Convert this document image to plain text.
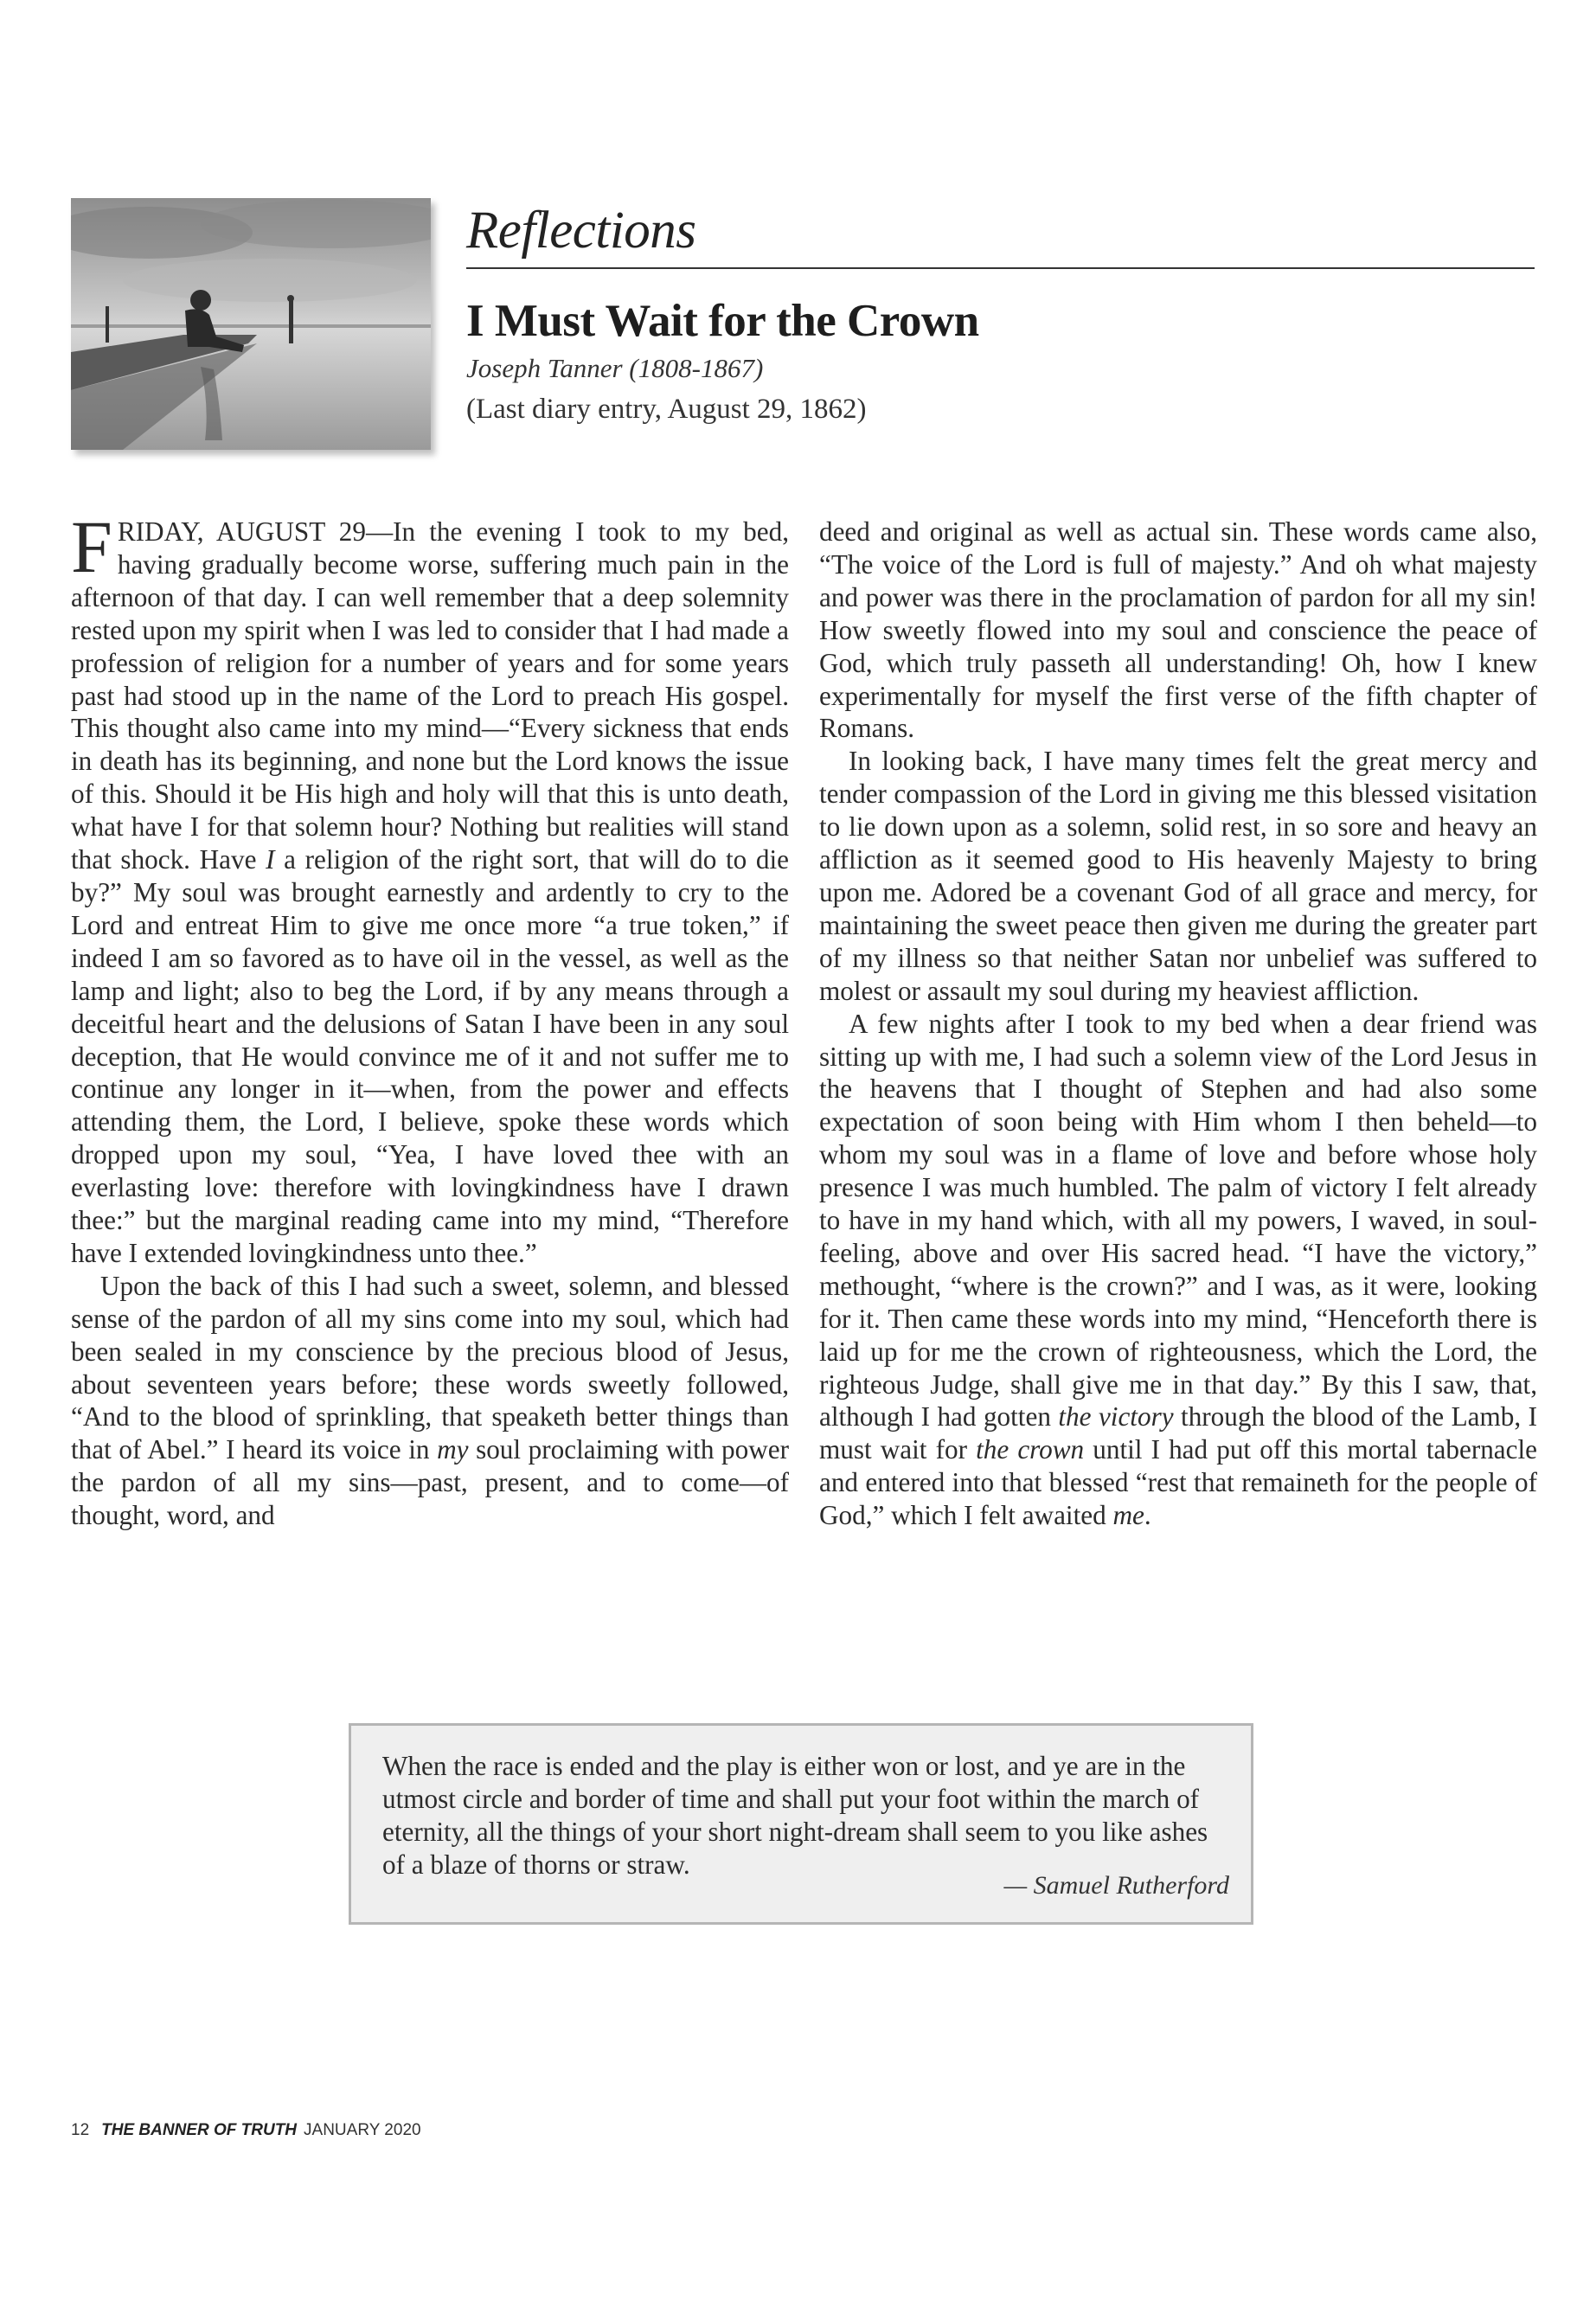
Reflections
I Must Wait for the Crown
Joseph Tanner (1808-1867)
(Last diary entry, August 29, 1862)

FRIDAY, AUGUST 29—In the evening I took to my bed, having gradually become worse, suffering much pain in the afternoon of that day. I can well remember that a deep solemnity rested upon my spirit when I was led to consider that I had made a profession of religion for a number of years and for some years past had stood up in the name of the Lord to preach His gospel. This thought also came into my mind—“Every sickness that ends in death has its beginning, and none but the Lord knows the issue of this. Should it be His high and holy will that this is unto death, what have I for that solemn hour? Nothing but realities will stand that shock. Have I a religion of the right sort, that will do to die by?” My soul was brought earnestly and ardently to cry to the Lord and entreat Him to give me once more “a true token,” if indeed I am so favored as to have oil in the vessel, as well as the lamp and light; also to beg the Lord, if by any means through a deceitful heart and the delusions of Satan I have been in any soul deception, that He would convince me of it and not suffer me to continue any longer in it—when, from the power and effects attending them, the Lord, I believe, spoke these words which dropped upon my soul, “Yea, I have loved thee with an everlasting love: therefore with lovingkindness have I drawn thee:” but the marginal reading came into my mind, “Therefore have I extended lovingkindness unto thee.”

Upon the back of this I had such a sweet, solemn, and blessed sense of the pardon of all my sins come into my soul, which had been sealed in my conscience by the precious blood of Jesus, about seventeen years before; these words sweetly followed, “And to the blood of sprinkling, that speaketh better things than that of Abel.” I heard its voice in my soul proclaiming with power the pardon of all my sins—past, present, and to come—of thought, word, and

deed and original as well as actual sin. These words came also, “The voice of the Lord is full of majesty.” And oh what majesty and power was there in the proclamation of pardon for all my sin! How sweetly flowed into my soul and conscience the peace of God, which truly passeth all understanding! Oh, how I knew experimentally for myself the first verse of the fifth chapter of Romans.

In looking back, I have many times felt the great mercy and tender compassion of the Lord in giving me this blessed visitation to lie down upon as a solemn, solid rest, in so sore and heavy an affliction as it seemed good to His heavenly Majesty to bring upon me. Adored be a covenant God of all grace and mercy, for maintaining the sweet peace then given me during the greater part of my illness so that neither Satan nor unbelief was suffered to molest or assault my soul during my heaviest affliction.

A few nights after I took to my bed when a dear friend was sitting up with me, I had such a solemn view of the Lord Jesus in the heavens that I thought of Stephen and had also some expectation of soon being with Him whom I then beheld—to whom my soul was in a flame of love and before whose holy presence I was much humbled. The palm of victory I felt already to have in my hand which, with all my powers, I waved, in soul-feeling, above and over His sacred head. “I have the victory,” methought, “where is the crown?” and I was, as it were, looking for it. Then came these words into my mind, “Henceforth there is laid up for me the crown of righteousness, which the Lord, the righteous Judge, shall give me in that day.” By this I saw, that, although I had gotten the victory through the blood of the Lamb, I must wait for the crown until I had put off this mortal tabernacle and entered into that blessed “rest that remaineth for the people of God,” which I felt awaited me.

When the race is ended and the play is either won or lost, and ye are in the utmost circle and border of time and shall put your foot within the march of eternity, all the things of your short night-dream shall seem to you like ashes of a blaze of thorns or straw.
— Samuel Rutherford
12 THE BANNER OF TRUTH JANUARY 2020
